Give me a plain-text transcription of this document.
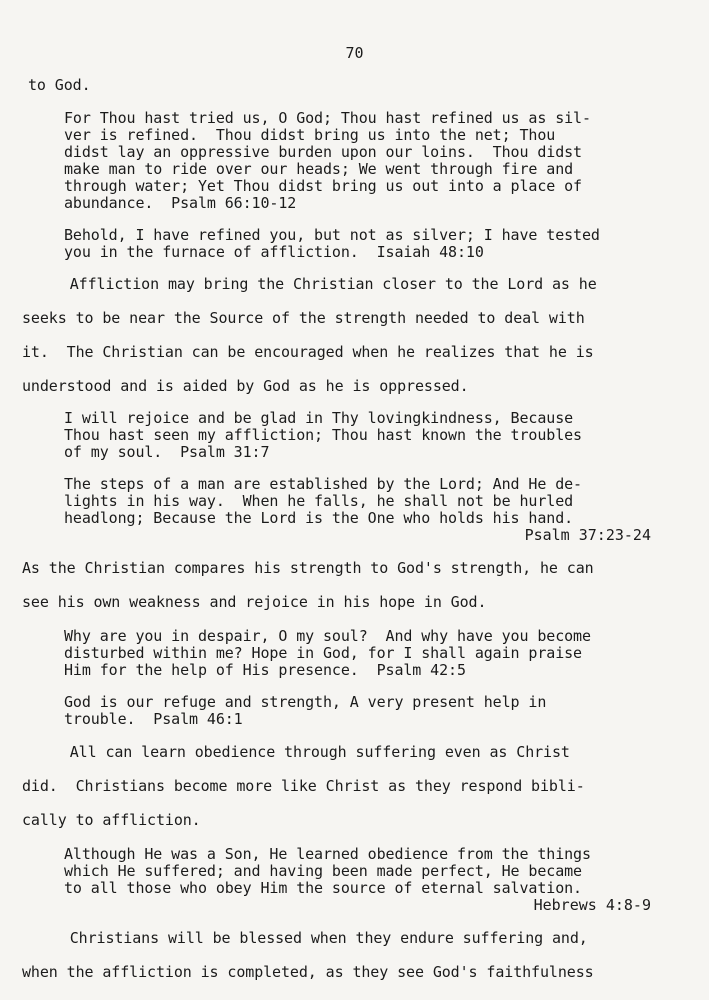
70
to God.
For Thou hast tried us, O God; Thou hast refined us as sil-
ver is refined.  Thou didst bring us into the net; Thou
didst lay an oppressive burden upon our loins.  Thou didst
make man to ride over our heads; We went through fire and
through water; Yet Thou didst bring us out into a place of
abundance.  Psalm 66:10-12
Behold, I have refined you, but not as silver; I have tested
you in the furnace of affliction.  Isaiah 48:10
Affliction may bring the Christian closer to the Lord as he
seeks to be near the Source of the strength needed to deal with
it.  The Christian can be encouraged when he realizes that he is
understood and is aided by God as he is oppressed.
I will rejoice and be glad in Thy lovingkindness, Because
Thou hast seen my affliction; Thou hast known the troubles
of my soul.  Psalm 31:7
The steps of a man are established by the Lord; And He de-
lights in his way.  When he falls, he shall not be hurled
headlong; Because the Lord is the One who holds his hand.
Psalm 37:23-24
As the Christian compares his strength to God's strength, he can
see his own weakness and rejoice in his hope in God.
Why are you in despair, O my soul?  And why have you become
disturbed within me? Hope in God, for I shall again praise
Him for the help of His presence.  Psalm 42:5
God is our refuge and strength, A very present help in
trouble.  Psalm 46:1
All can learn obedience through suffering even as Christ
did.  Christians become more like Christ as they respond bibli-
cally to affliction.
Although He was a Son, He learned obedience from the things
which He suffered; and having been made perfect, He became
to all those who obey Him the source of eternal salvation.
Hebrews 4:8-9
Christians will be blessed when they endure suffering and,
when the affliction is completed, as they see God's faithfulness
